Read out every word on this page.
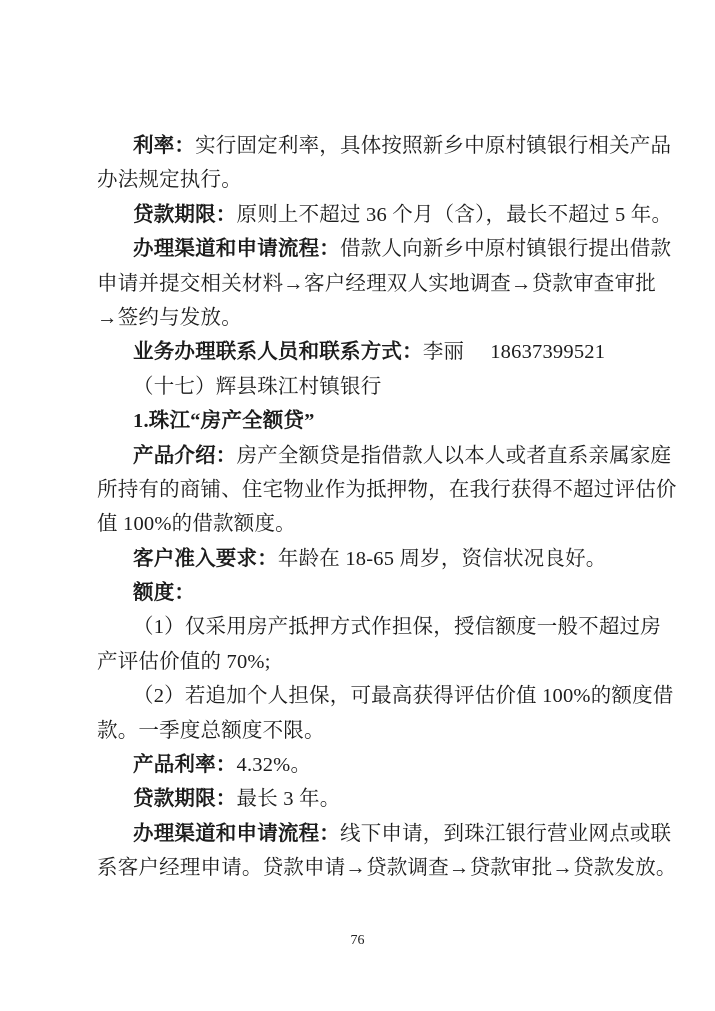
利率：实行固定利率，具体按照新乡中原村镇银行相关产品
办法规定执行。
贷款期限：原则上不超过 36 个月（含），最长不超过 5 年。
办理渠道和申请流程：借款人向新乡中原村镇银行提出借款
申请并提交相关材料→客户经理双人实地调查→贷款审查审批
→签约与发放。
业务办理联系人员和联系方式：李丽　 18637399521
（十七）辉县珠江村镇银行
1.珠江“房产全额贷”
产品介绍：房产全额贷是指借款人以本人或者直系亲属家庭
所持有的商铺、住宅物业作为抵押物，在我行获得不超过评估价
值 100%的借款额度。
客户准入要求：年龄在 18-65 周岁，资信状况良好。
额度：
（1）仅采用房产抵押方式作担保，授信额度一般不超过房
产评估价值的 70%;
（2）若追加个人担保，可最高获得评估价值 100%的额度借
款。一季度总额度不限。
产品利率：4.32%。
贷款期限：最长 3 年。
办理渠道和申请流程：线下申请，到珠江银行营业网点或联
系客户经理申请。贷款申请→贷款调查→贷款审批→贷款发放。
76
